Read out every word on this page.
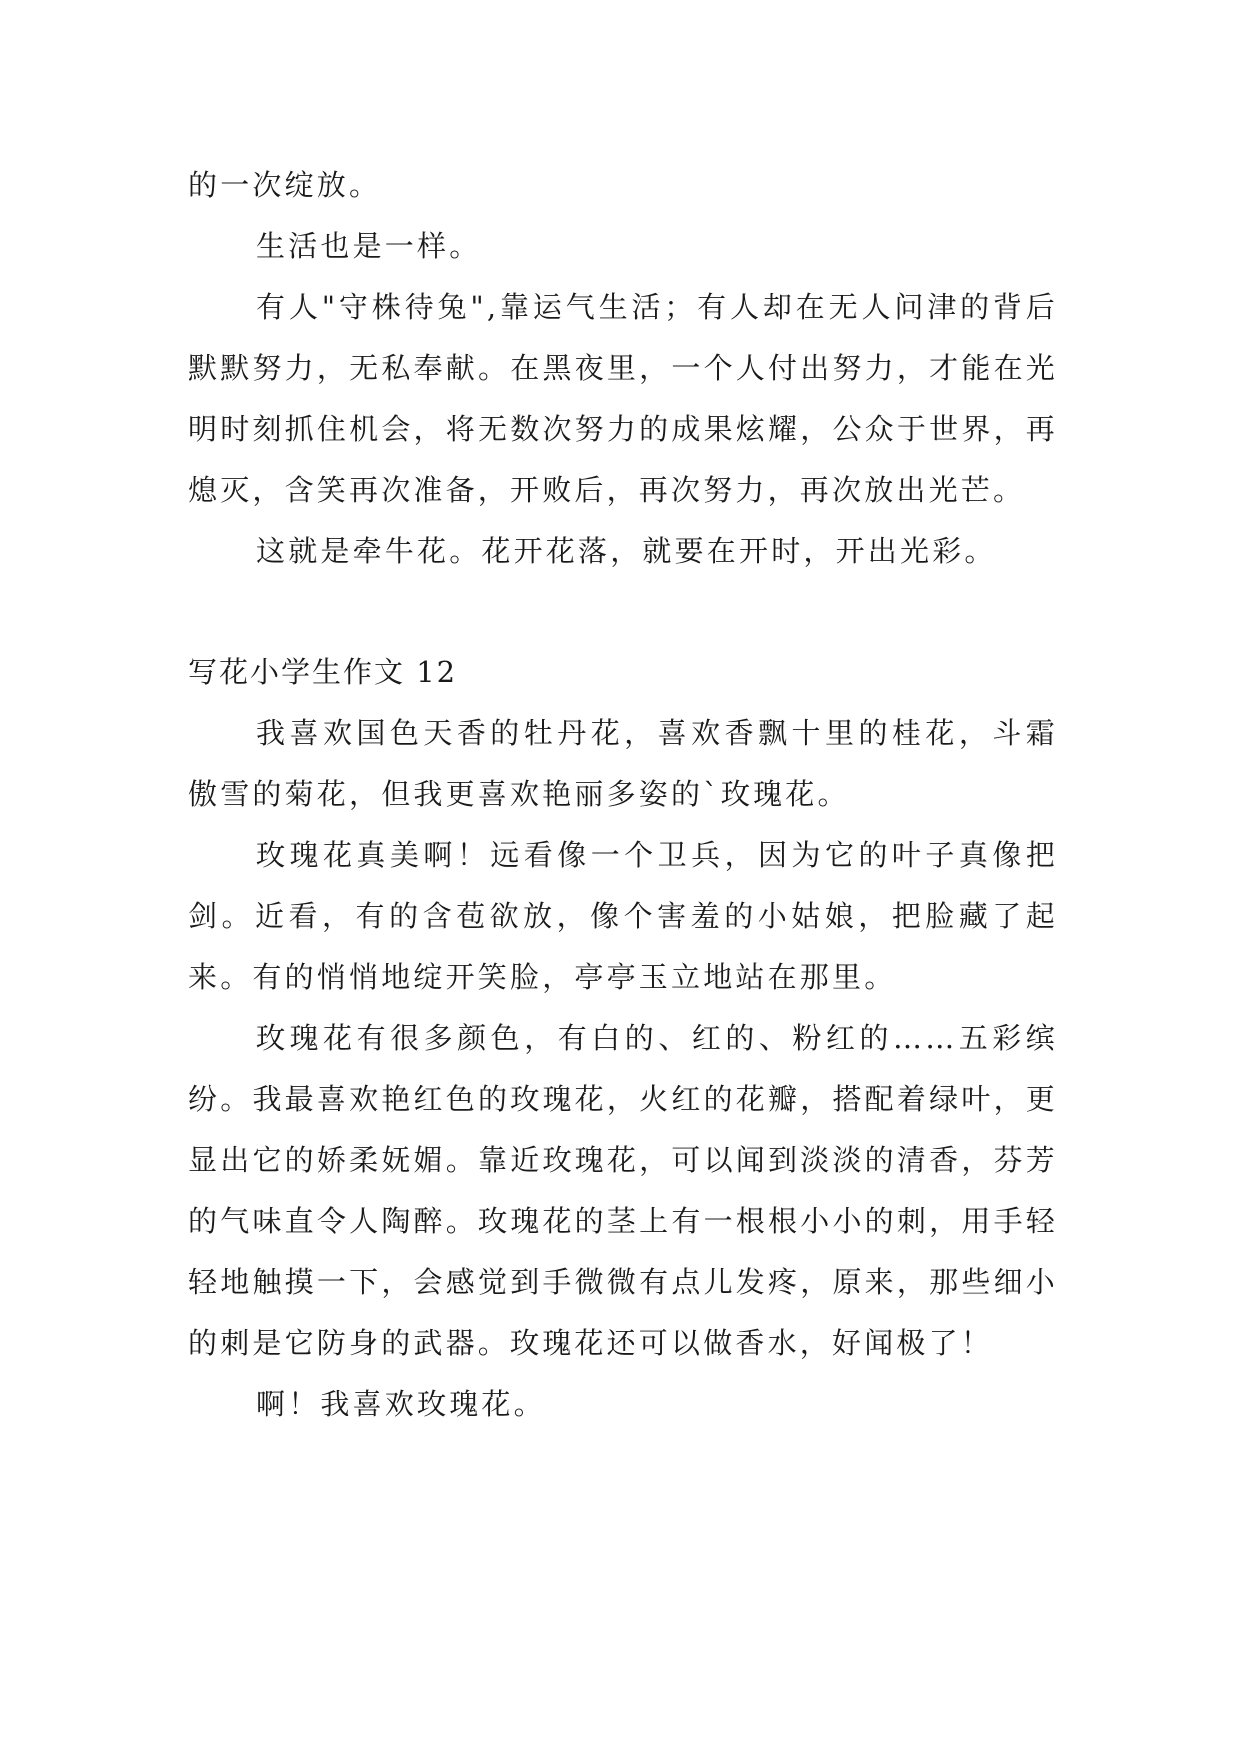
的一次绽放。

生活也是一样。

有人"守株待兔",靠运气生活；有人却在无人问津的背后默默努力，无私奉献。在黑夜里，一个人付出努力，才能在光明时刻抓住机会，将无数次努力的成果炫耀，公众于世界，再熄灭，含笑再次准备，开败后，再次努力，再次放出光芒。

这就是牵牛花。花开花落，就要在开时，开出光彩。

写花小学生作文 12

我喜欢国色天香的牡丹花，喜欢香飘十里的桂花，斗霜傲雪的菊花，但我更喜欢艳丽多姿的`玫瑰花。

玫瑰花真美啊！远看像一个卫兵，因为它的叶子真像把剑。近看，有的含苞欲放，像个害羞的小姑娘，把脸藏了起来。有的悄悄地绽开笑脸，亭亭玉立地站在那里。

玫瑰花有很多颜色，有白的、红的、粉红的……五彩缤纷。我最喜欢艳红色的玫瑰花，火红的花瓣，搭配着绿叶，更显出它的娇柔妩媚。靠近玫瑰花，可以闻到淡淡的清香，芬芳的气味直令人陶醉。玫瑰花的茎上有一根根小小的刺，用手轻轻地触摸一下，会感觉到手微微有点儿发疼，原来，那些细小的刺是它防身的武器。玫瑰花还可以做香水，好闻极了！

啊！我喜欢玫瑰花。
